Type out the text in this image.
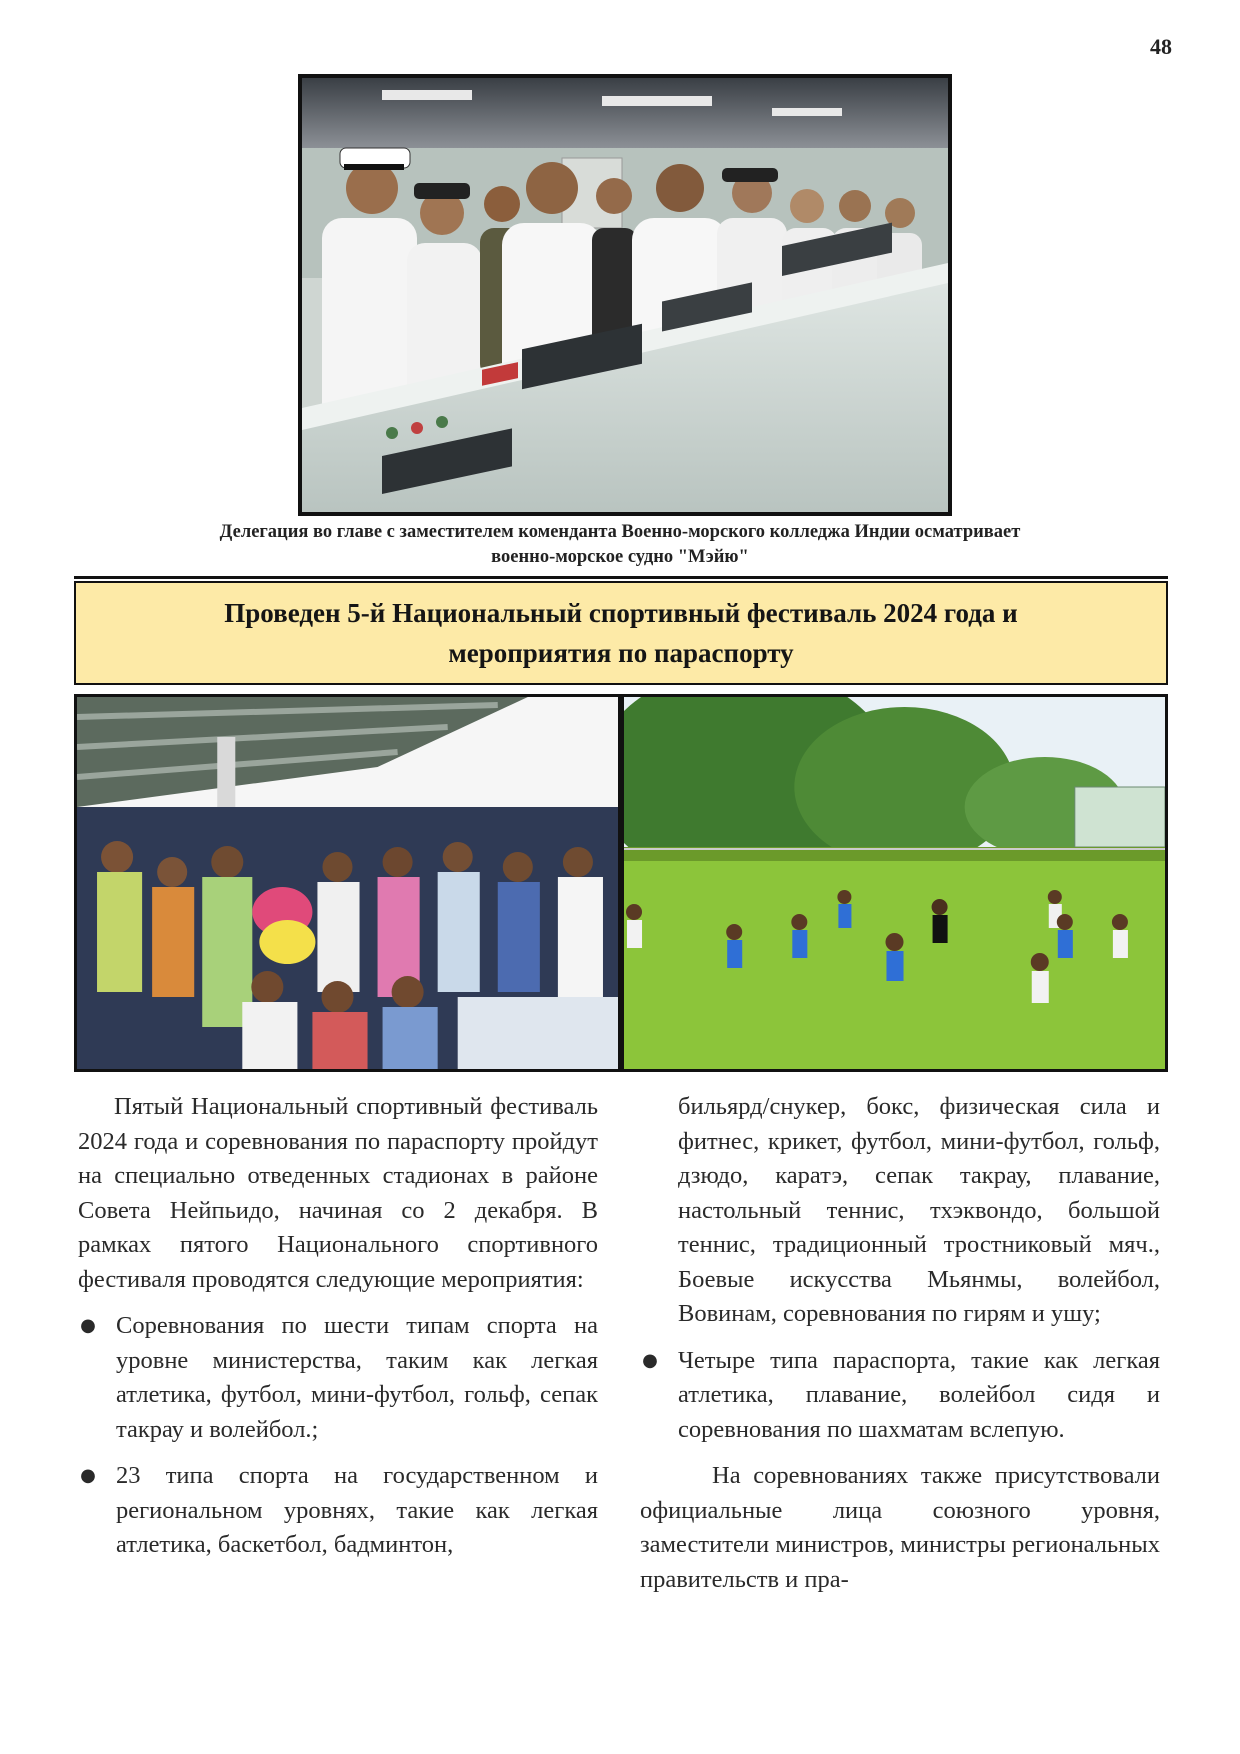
48
Делегация во главе с заместителем коменданта Военно-морского колледжа Индии осматривает
военно-морское судно "Мэйю"
Проведен 5-й Национальный спортивный фестиваль 2024 года и
мероприятия по параспорту

Пятый Национальный спортивный фестиваль 2024 года и соревнования по параспорту пройдут на специально отведенных стадионах в районе Совета Нейпьидо, начиная со 2 декабря. В рамках пятого Национального спортивного фестиваля проводятся следующие мероприятия:

● Соревнования по шести типам спорта на уровне министерства, таким как легкая атлетика, футбол, мини-футбол, гольф, сепак такрау и волейбол.;
● 23 типа спорта на государственном и региональном уровнях, такие как легкая атлетика, баскетбол, бадминтон,

бильярд/снукер, бокс, физическая сила и фитнес, крикет, футбол, мини-футбол, гольф, дзюдо, каратэ, сепак такрау, плавание, настольный теннис, тхэквондо, большой теннис, традиционный тростниковый мяч., Боевые искусства Мьянмы, волейбол, Вовинам, соревнования по гирям и ушу;

● Четыре типа параспорта, такие как легкая атлетика, плавание, волейбол сидя и соревнования по шахматам вслепую.

На соревнованиях также присутствовали официальные лица союзного уровня, заместители министров, министры региональных правительств и пра-
